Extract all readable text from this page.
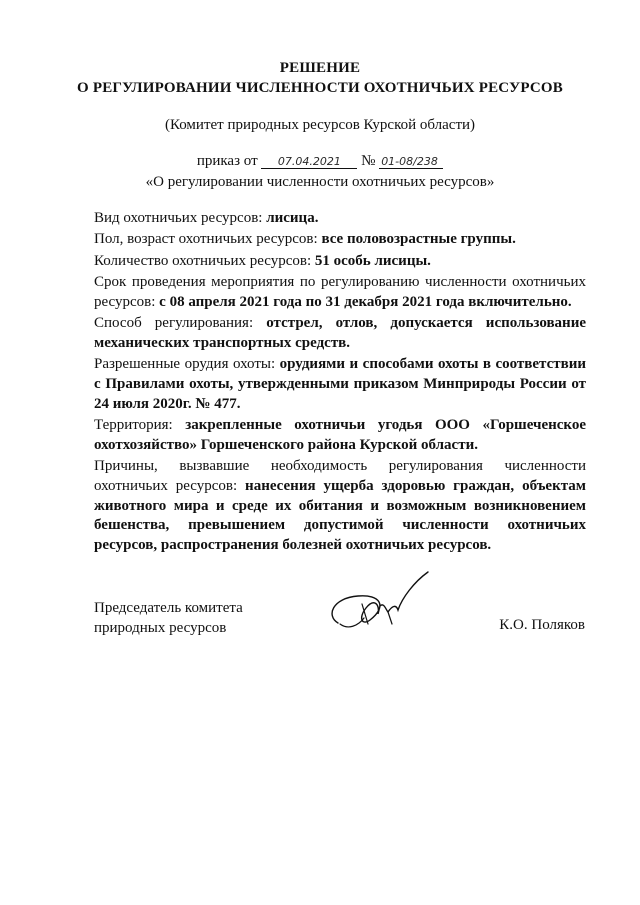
РЕШЕНИЕ
О РЕГУЛИРОВАНИИ ЧИСЛЕННОСТИ ОХОТНИЧЬИХ РЕСУРСОВ
(Комитет природных ресурсов Курской области)
приказ от 07.04.2021 № 01-08/238
«О регулировании численности охотничьих ресурсов»

Вид охотничьих ресурсов: лисица.

Пол, возраст охотничьих ресурсов: все половозрастные группы.

Количество охотничьих ресурсов: 51 особь лисицы.

Срок проведения мероприятия по регулированию численности охотничьих ресурсов: с 08 апреля 2021 года по 31 декабря 2021 года включительно.

Способ регулирования: отстрел, отлов, допускается использование механических транспортных средств.

Разрешенные орудия охоты: орудиями и способами охоты в соответствии с Правилами охоты, утвержденными приказом Минприроды России от 24 июля 2020г. № 477.

Территория: закрепленные охотничьи угодья ООО «Горшеченское охотхозяйство» Горшеченского района Курской области.

Причины, вызвавшие необходимость регулирования численности охотничьих ресурсов: нанесения ущерба здоровью граждан, объектам животного мира и среде их обитания и возможным возникновением бешенства, превышением допустимой численности охотничьих ресурсов, распространения болезней охотничьих ресурсов.

Председатель комитета
природных ресурсов	К.О. Поляков
